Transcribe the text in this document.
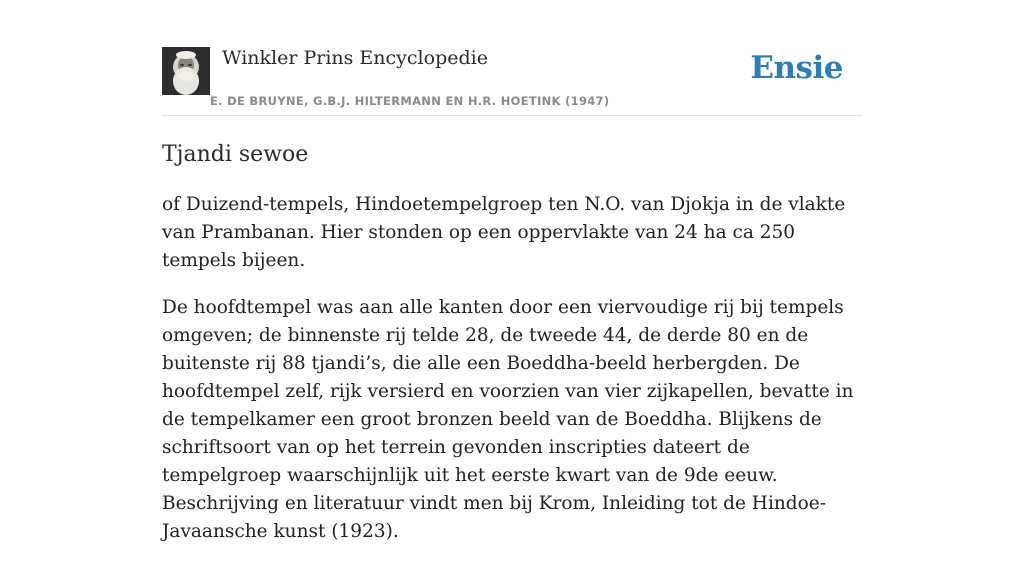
Winkler Prins Encyclopedie
E. DE BRUYNE, G.B.J. HILTERMANN EN H.R. HOETINK (1947)
Ensie
Tjandi sewoe

of Duizend-tempels, Hindoetempelgroep ten N.O. van Djokja in de vlakte van Prambanan. Hier stonden op een oppervlakte van 24 ha ca 250 tempels bijeen.

De hoofdtempel was aan alle kanten door een viervoudige rij bij tempels omgeven; de binnenste rij telde 28, de tweede 44, de derde 80 en de buitenste rij 88 tjandi’s, die alle een Boeddha-beeld herbergden. De hoofdtempel zelf, rijk versierd en voorzien van vier zijkapellen, bevatte in de tempelkamer een groot bronzen beeld van de Boeddha. Blijkens de schriftsoort van op het terrein gevonden inscripties dateert de tempelgroep waarschijnlijk uit het eerste kwart van de 9de eeuw. Beschrijving en literatuur vindt men bij Krom, Inleiding tot de Hindoe-Javaansche kunst (1923).
